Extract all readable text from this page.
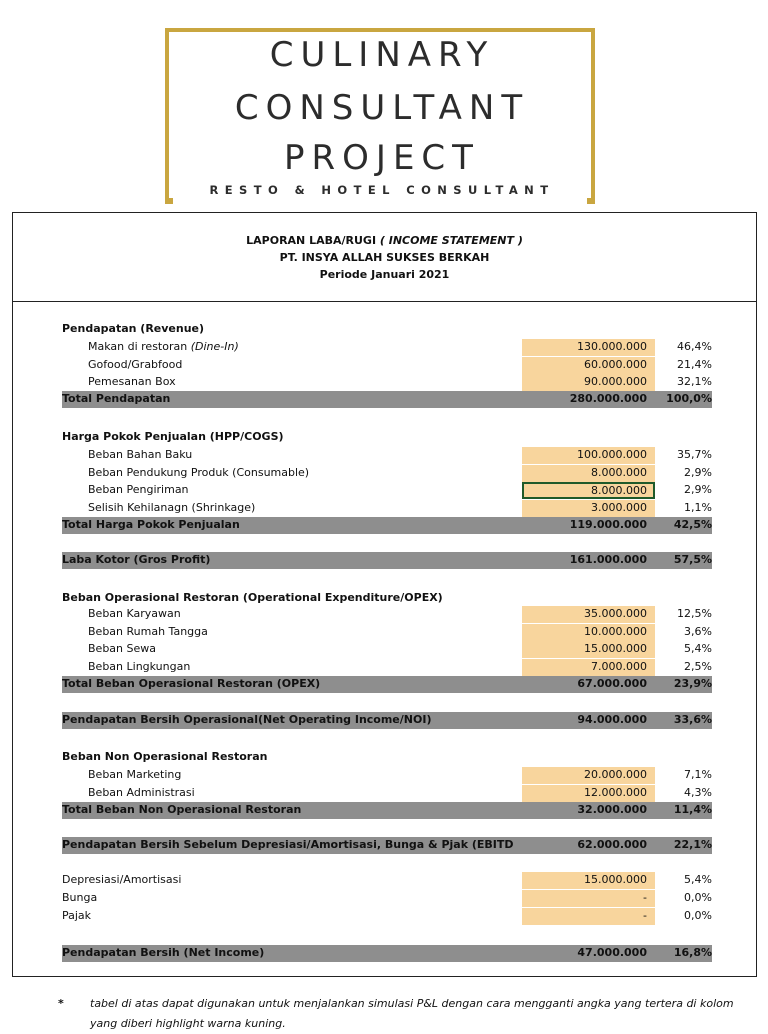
CULINARY
CONSULTANT
PROJECT
RESTO & HOTEL CONSULTANT
LAPORAN LABA/RUGI ( INCOME STATEMENT )
PT. INSYA ALLAH SUKSES BERKAH
Periode Januari 2021
Pendapatan (Revenue)
Makan di restoran (Dine-In)	130.000.000	46,4%
Gofood/Grabfood	60.000.000	21,4%
Pemesanan Box	90.000.000	32,1%
Total Pendapatan	280.000.000	100,0%
Harga Pokok Penjualan (HPP/COGS)
Beban Bahan Baku	100.000.000	35,7%
Beban Pendukung Produk (Consumable)	8.000.000	2,9%
Beban Pengiriman	8.000.000	2,9%
Selisih Kehilanagn (Shrinkage)	3.000.000	1,1%
Total Harga Pokok Penjualan	119.000.000	42,5%
Laba Kotor (Gros Profit)	161.000.000	57,5%
Beban Operasional Restoran (Operational Expenditure/OPEX)
Beban Karyawan	35.000.000	12,5%
Beban Rumah Tangga	10.000.000	3,6%
Beban Sewa	15.000.000	5,4%
Beban Lingkungan	7.000.000	2,5%
Total Beban Operasional Restoran (OPEX)	67.000.000	23,9%
Pendapatan Bersih Operasional(Net Operating Income/NOI)	94.000.000	33,6%
Beban Non Operasional Restoran
Beban Marketing	20.000.000	7,1%
Beban Administrasi	12.000.000	4,3%
Total Beban Non Operasional Restoran	32.000.000	11,4%
Pendapatan Bersih Sebelum Depresiasi/Amortisasi, Bunga & Pjak (EBITD	62.000.000	22,1%
Depresiasi/Amortisasi	15.000.000	5,4%
Bunga	-	0,0%
Pajak	-	0,0%
Pendapatan Bersih (Net Income)	47.000.000	16,8%
* tabel di atas dapat digunakan untuk menjalankan simulasi P&L dengan cara mengganti angka yang tertera di kolom yang diberi highlight warna kuning.
